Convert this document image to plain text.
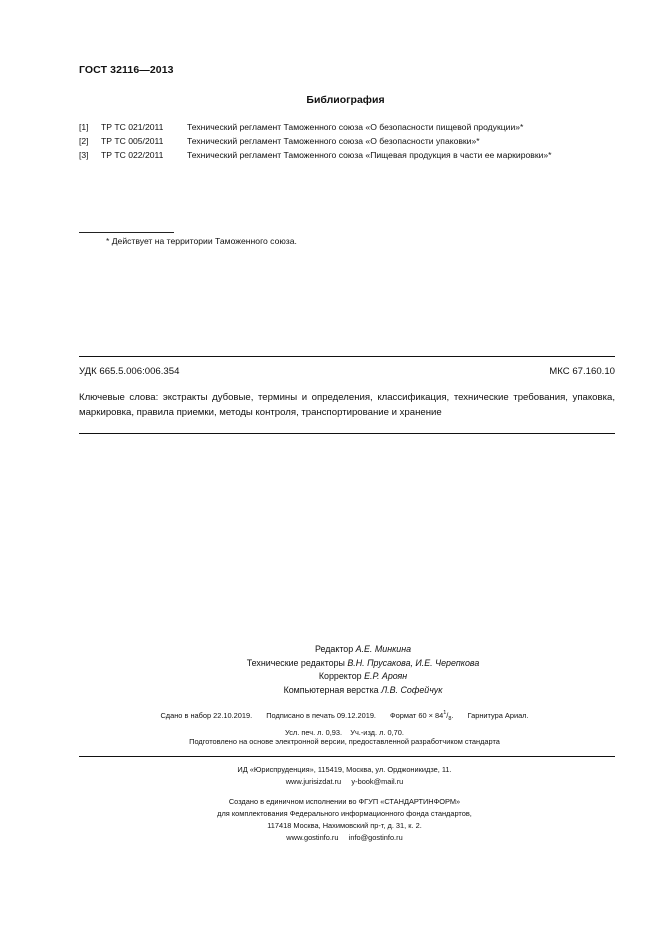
ГОСТ 32116—2013
Библиография
[1]	ТР ТС 021/2011	Технический регламент Таможенного союза «О безопасности пищевой продукции»*
[2]	ТР ТС 005/2011	Технический регламент Таможенного союза «О безопасности упаковки»*
[3]	ТР ТС 022/2011	Технический регламент Таможенного союза «Пищевая продукция в части ее маркировки»*
* Действует на территории Таможенного союза.
УДК 665.5.006:006.354	МКС 67.160.10
Ключевые слова: экстракты дубовые, термины и определения, классификация, технические требования, упаковка, маркировка, правила приемки, методы контроля, транспортирование и хранение
Редактор А.Е. Минкина
Технические редакторы В.Н. Прусакова, И.Е. Черепкова
Корректор Е.Р. Ароян
Компьютерная верстка Л.В. Софейчук
Сдано в набор 22.10.2019. Подписано в печать 09.12.2019. Формат $60 \times 84^1/_8$. Гарнитура Ариал.
Усл. печ. л. 0,93. Уч.-изд. л. 0,70.
Подготовлено на основе электронной версии, предоставленной разработчиком стандарта
ИД «Юриспруденция», 115419, Москва, ул. Орджоникидзе, 11.
www.jurisizdat.ru y-book@mail.ru
Создано в единичном исполнении во ФГУП «СТАНДАРТИНФОРМ»
для комплектования Федерального информационного фонда стандартов,
117418 Москва, Нахимовский пр-т, д. 31, к. 2.
www.gostinfo.ru info@gostinfo.ru
